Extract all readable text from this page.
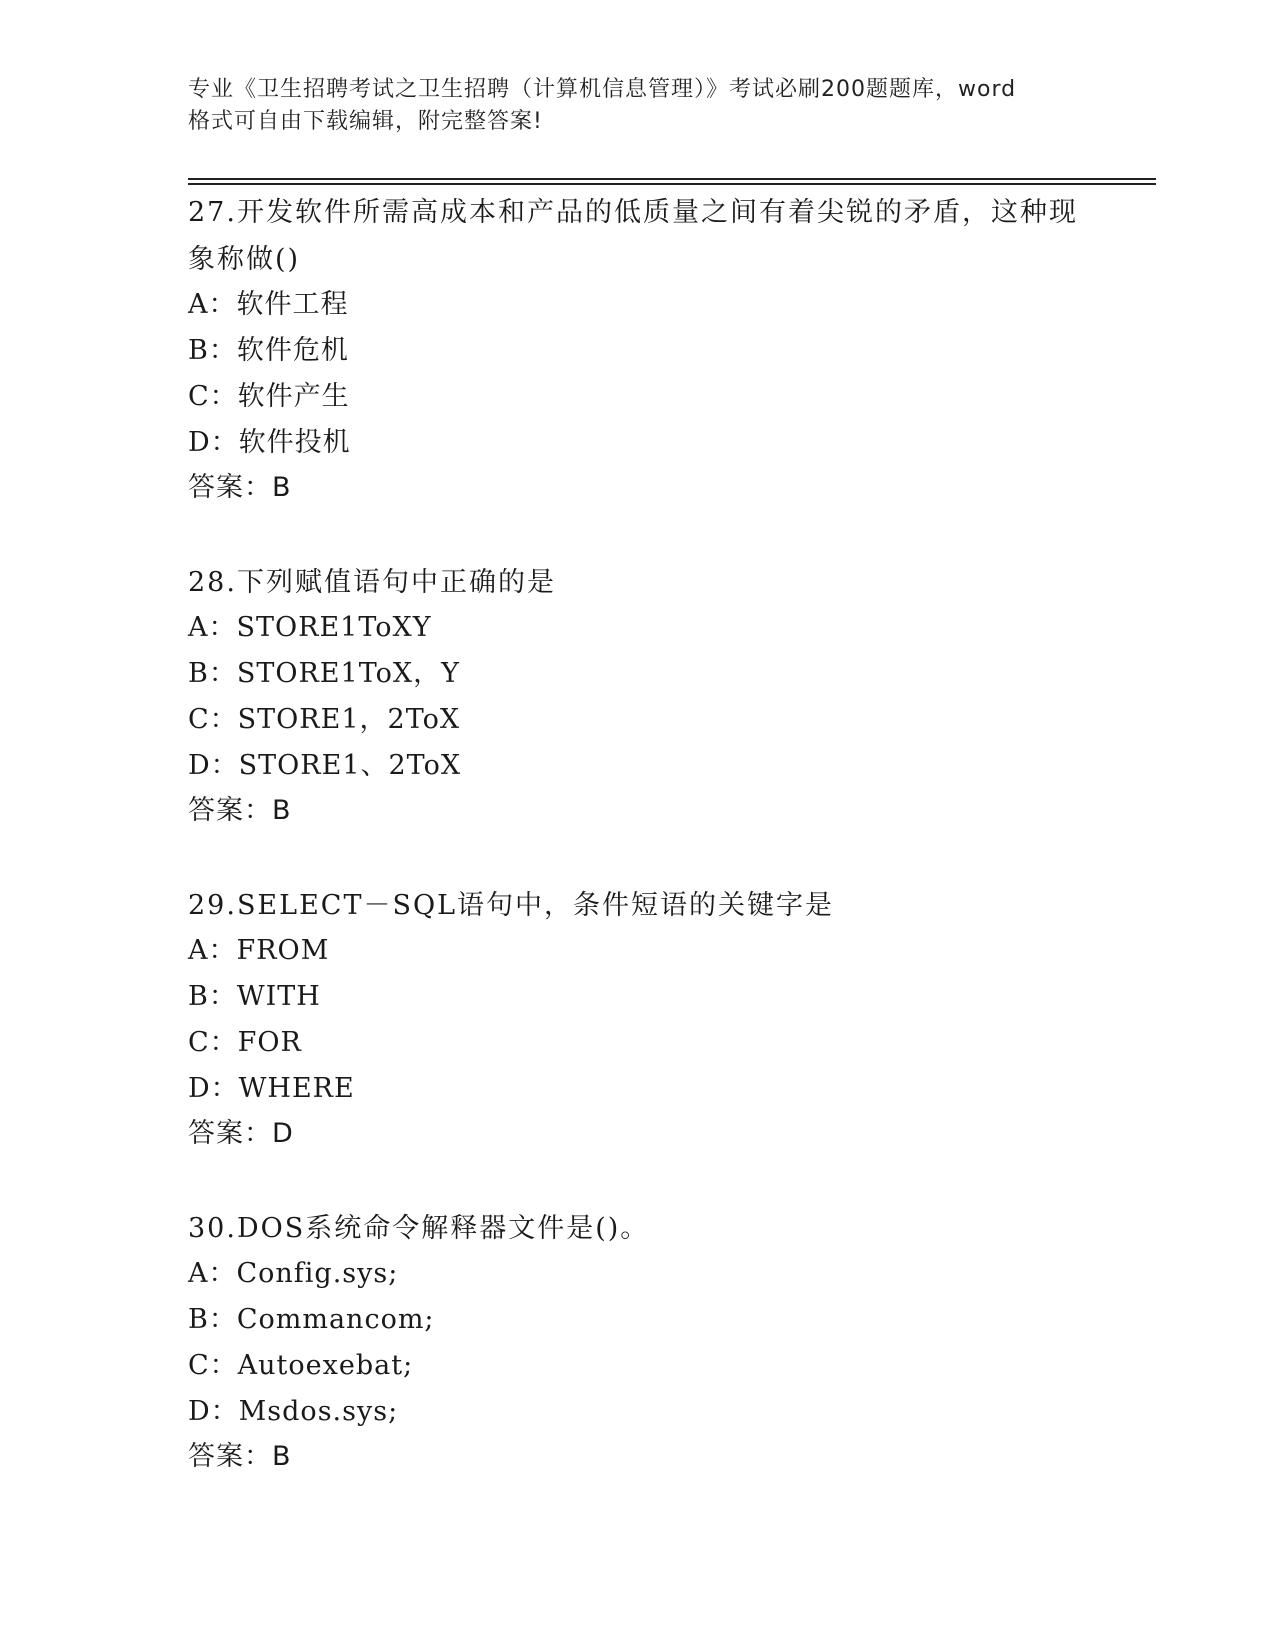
专业《卫生招聘考试之卫生招聘（计算机信息管理）》考试必刷200题题库，word
格式可自由下载编辑，附完整答案!

27.开发软件所需高成本和产品的低质量之间有着尖锐的矛盾，这种现

象称做()

A：软件工程

B：软件危机

C：软件产生

D：软件投机

答案：B

28.下列赋值语句中正确的是

A：STORE1ToXY

B：STORE1ToX，Y

C：STORE1，2ToX

D：STORE1、2ToX

答案：B

29.SELECT－SQL语句中，条件短语的关键字是

A：FROM

B：WITH

C：FOR

D：WHERE

答案：D

30.DOS系统命令解释器文件是()。

A：Config.sys;

B：Commancom;

C：Autoexebat;

D：Msdos.sys;

答案：B
